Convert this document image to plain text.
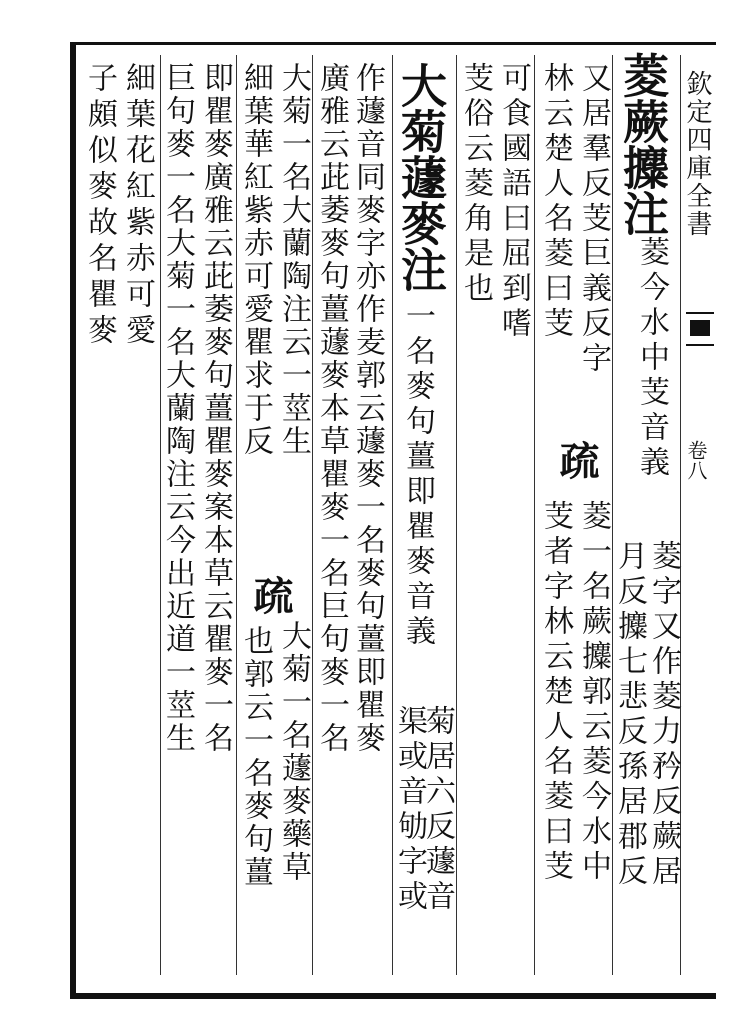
欽定四庫全書
卷八
菱蕨攗注
菱今水中芰音義
菱字又作菱力矜反蕨居
月反攗七悲反孫居郡反
又居羣反芰巨義反字
林云楚人名菱曰芰
疏
菱一名蕨攗郭云菱今水中
芰者字林云楚人名菱曰芰
可食國語曰屈到嗜
芰俗云菱角是也
大菊蘧麥注
一名麥句薑即瞿麥音義
菊居六反蘧音
渠或音劬字或
作蘧音同麥字亦作麦郭云蘧麥一名麥句薑即瞿麥
廣雅云茈萎麥句薑蘧麥本草瞿麥一名巨句麥一名
大菊一名大蘭陶注云一莖生
疏
大菊一名蘧麥藥草
細葉華紅紫赤可愛瞿求于反
也郭云一名麥句薑
即瞿麥廣雅云茈萎麥句薑瞿麥案本草云瞿麥一名
巨句麥一名大菊一名大蘭陶注云今出近道一莖生
細葉花紅紫赤可愛
子頗似麥故名瞿麥
